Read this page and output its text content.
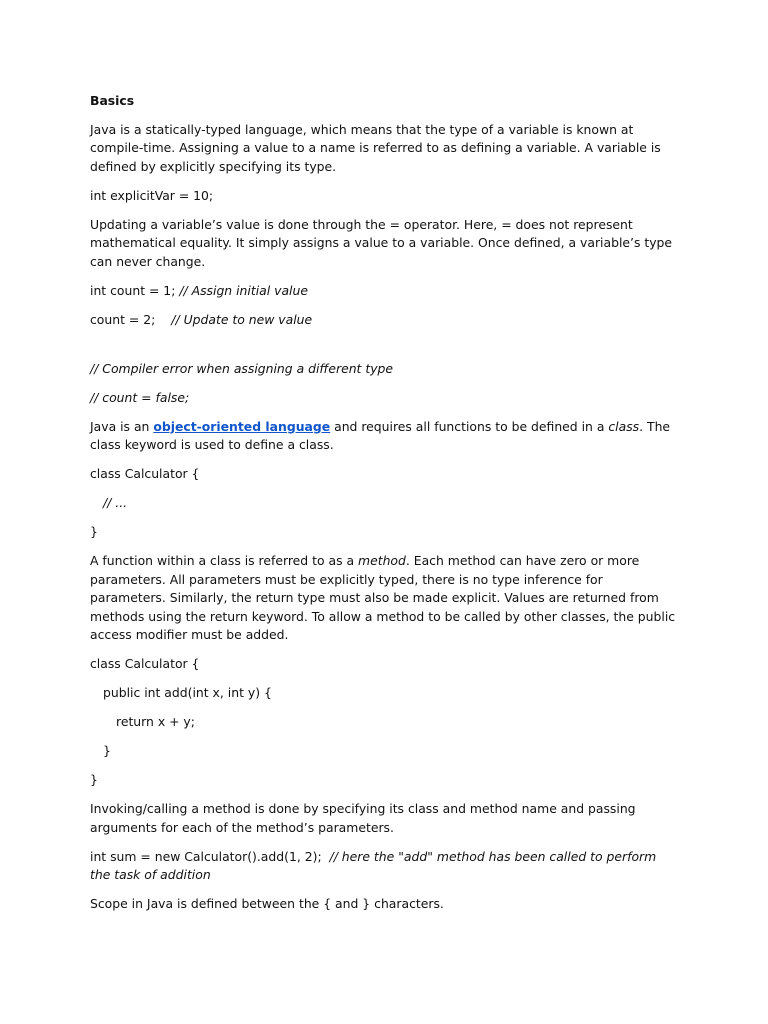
Basics

Java is a statically-typed language, which means that the type of a variable is known at compile-time. Assigning a value to a name is referred to as defining a variable. A variable is defined by explicitly specifying its type.

int explicitVar = 10;

Updating a variable’s value is done through the = operator. Here, = does not represent mathematical equality. It simply assigns a value to a variable. Once defined, a variable’s type can never change.

int count = 1; // Assign initial value

count = 2; // Update to new value

// Compiler error when assigning a different type

// count = false;

Java is an object-oriented language and requires all functions to be defined in a class. The class keyword is used to define a class.

class Calculator {

// ...

}

A function within a class is referred to as a method. Each method can have zero or more parameters. All parameters must be explicitly typed, there is no type inference for parameters. Similarly, the return type must also be made explicit. Values are returned from methods using the return keyword. To allow a method to be called by other classes, the public access modifier must be added.

class Calculator {

public int add(int x, int y) {

return x + y;

}

}

Invoking/calling a method is done by specifying its class and method name and passing arguments for each of the method’s parameters.

int sum = new Calculator().add(1, 2); // here the "add" method has been called to perform the task of addition

Scope in Java is defined between the { and } characters.
